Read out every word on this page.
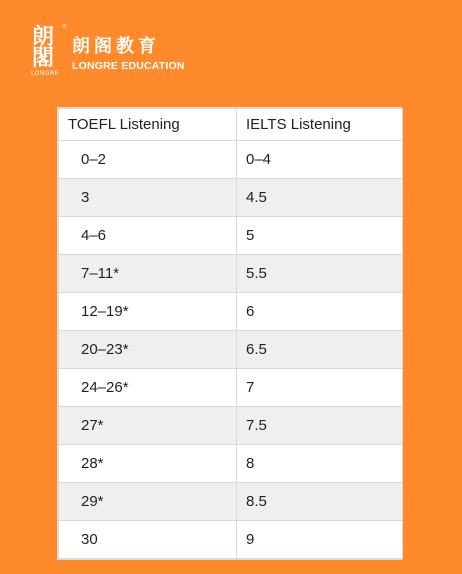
朗
閣
LONGRE
®
朗阁教育
LONGRE EDUCATION
TOEFL Listening	IELTS Listening
0–2	0–4
3	4.5
4–6	5
7–11*	5.5
12–19*	6
20–23*	6.5
24–26*	7
27*	7.5
28*	8
29*	8.5
30	9
